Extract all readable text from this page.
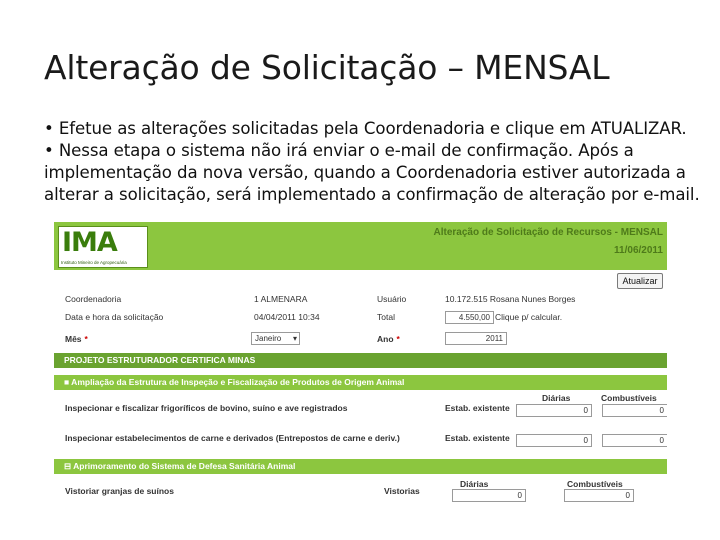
Alteração de Solicitação – MENSAL

• Efetue as alterações solicitadas pela Coordenadoria e clique em ATUALIZAR.

• Nessa etapa o sistema não irá enviar o e-mail de confirmação. Após a implementação da nova versão, quando a Coordenadoria estiver autorizada a alterar a solicitação, será implementado a confirmação de alteração por e-mail.

IMA
Instituto Mineiro de Agropecuária
Alteração de Solicitação de Recursos - MENSAL
11/06/2011
Atualizar
Coordenadoria	1 ALMENARA	Usuário	10.172.515 Rosana Nunes Borges
Data e hora da solicitação	04/04/2011 10:34	Total	4.550,00 Clique p/ calcular.
Mês *	Janeiro ▾	Ano *	2011
PROJETO ESTRUTURADOR CERTIFICA MINAS
■ Ampliação da Estrutura de Inspeção e Fiscalização de Produtos de Origem Animal
Diárias	Combustíveis
Inspecionar e fiscalizar frigoríficos de bovino, suíno e ave registrados	Estab. existente	0	0
Inspecionar estabelecimentos de carne e derivados (Entrepostos de carne e deriv.)	Estab. existente	0	0
⊟ Aprimoramento do Sistema de Defesa Sanitária Animal
Diárias	Combustíveis
Vistoriar granjas de suínos	Vistorias	0	0
